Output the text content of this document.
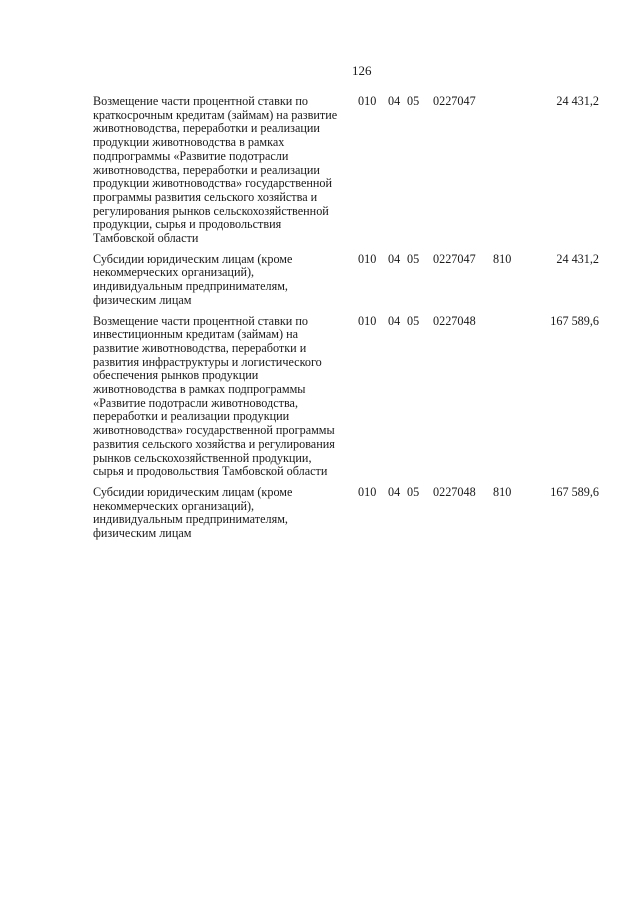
126
Возмещение части процентной ставки по краткосрочным кредитам (займам) на развитие животноводства, переработки и реализации продукции животноводства в рамках подпрограммы «Развитие подотрасли животноводства, переработки и реализации продукции животноводства» государственной программы развития сельского хозяйства и регулирования рынков сельскохозяйственной продукции, сырья и продовольствия Тамбовской области
010 04 05 0227047	24 431,2
Субсидии юридическим лицам (кроме некоммерческих организаций), индивидуальным предпринимателям, физическим лицам
010 04 05 0227047 810	24 431,2
Возмещение части процентной ставки по инвестиционным кредитам (займам) на развитие животноводства, переработки и развития инфраструктуры и логистического обеспечения рынков продукции животноводства в рамках подпрограммы «Развитие подотрасли животноводства, переработки и реализации продукции животноводства» государственной программы развития сельского хозяйства и регулирования рынков сельскохозяйственной продукции, сырья и продовольствия Тамбовской области
010 04 05 0227048	167 589,6
Субсидии юридическим лицам (кроме некоммерческих организаций), индивидуальным предпринимателям, физическим лицам
010 04 05 0227048 810	167 589,6
